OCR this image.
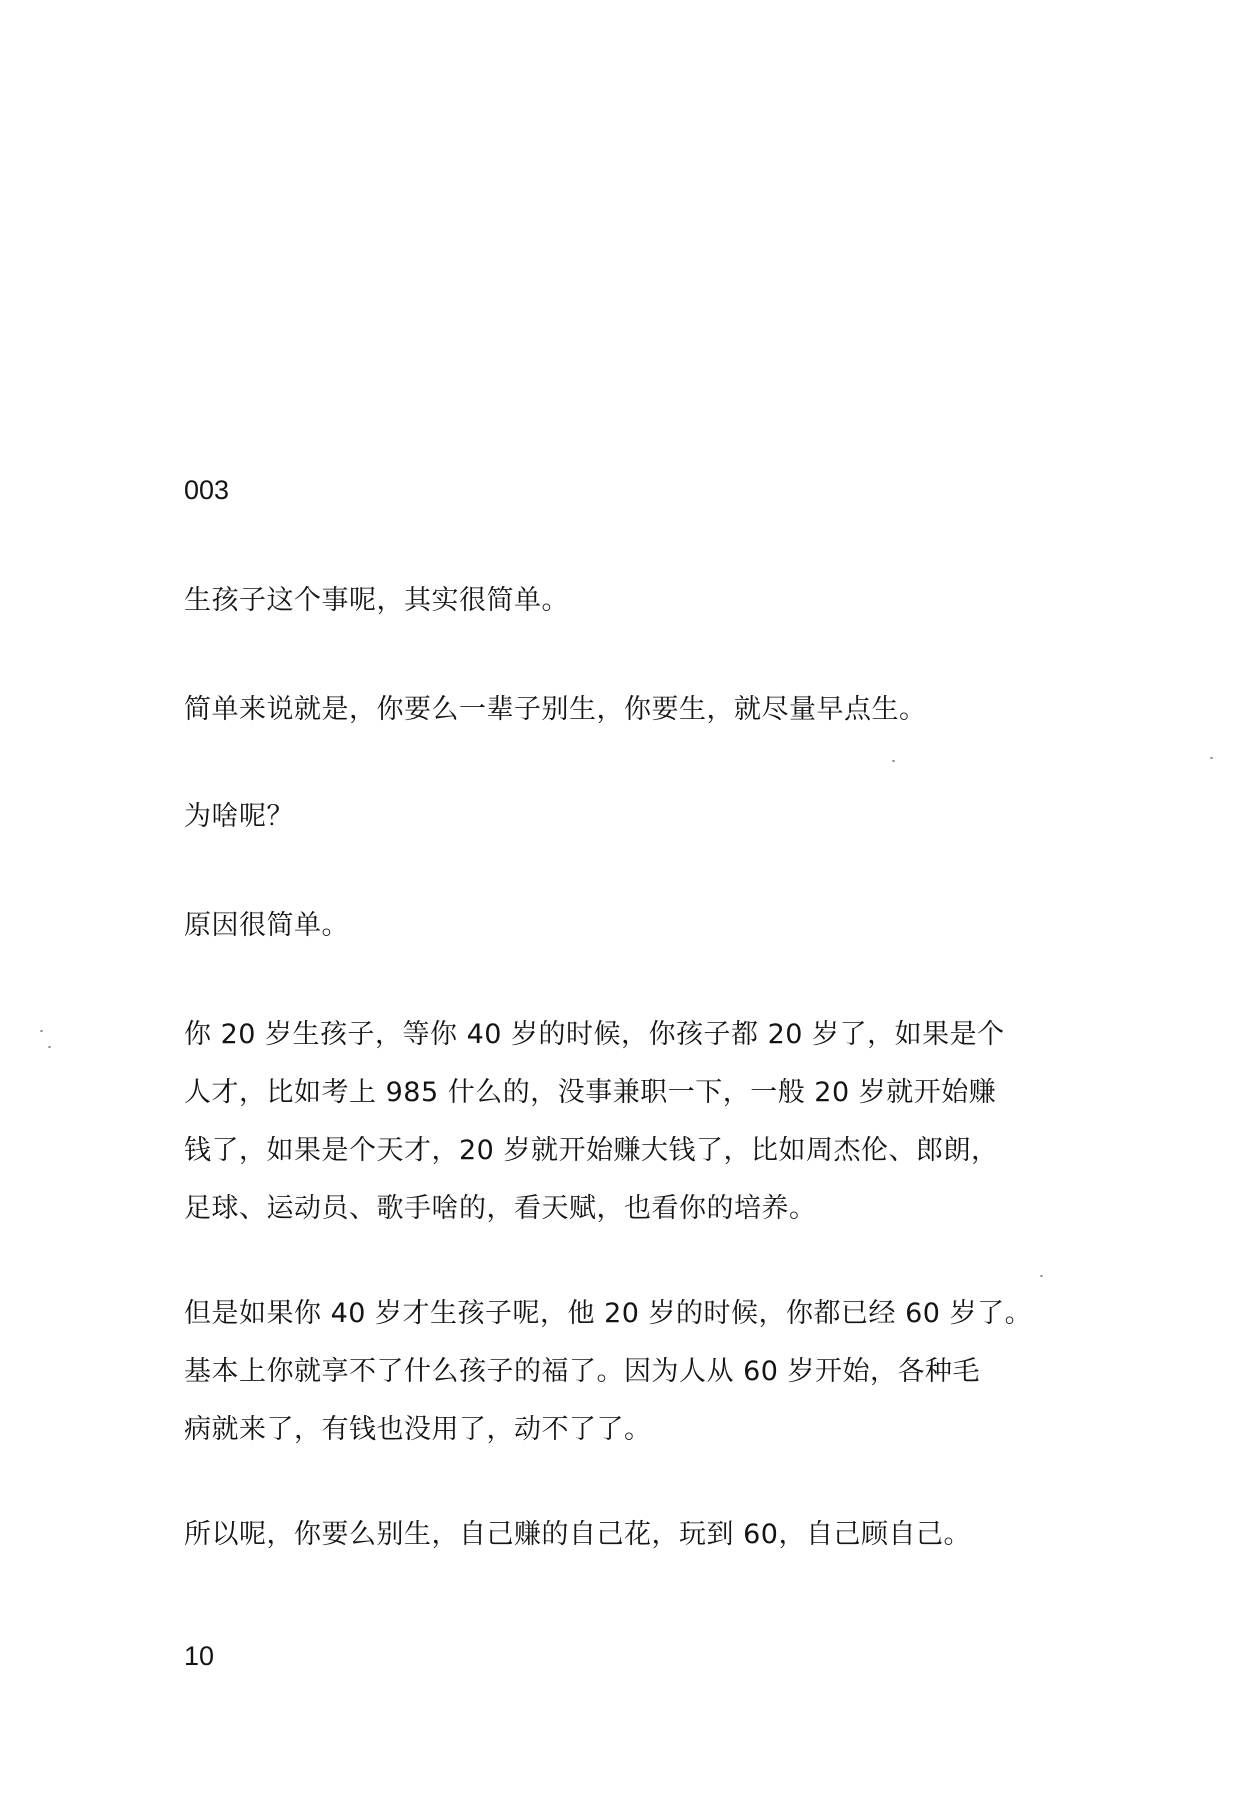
003

生孩子这个事呢，其实很简单。

简单来说就是，你要么一辈子别生，你要生，就尽量早点生。

为啥呢？

原因很简单。

你 20 岁生孩子，等你 40 岁的时候，你孩子都 20 岁了，如果是个
人才，比如考上 985 什么的，没事兼职一下，一般 20 岁就开始赚
钱了，如果是个天才，20 岁就开始赚大钱了，比如周杰伦、郎朗，
足球、运动员、歌手啥的，看天赋，也看你的培养。

但是如果你 40 岁才生孩子呢，他 20 岁的时候，你都已经 60 岁了。
基本上你就享不了什么孩子的福了。因为人从 60 岁开始，各种毛
病就来了，有钱也没用了，动不了了。

所以呢，你要么别生，自己赚的自己花，玩到 60，自己顾自己。

10
